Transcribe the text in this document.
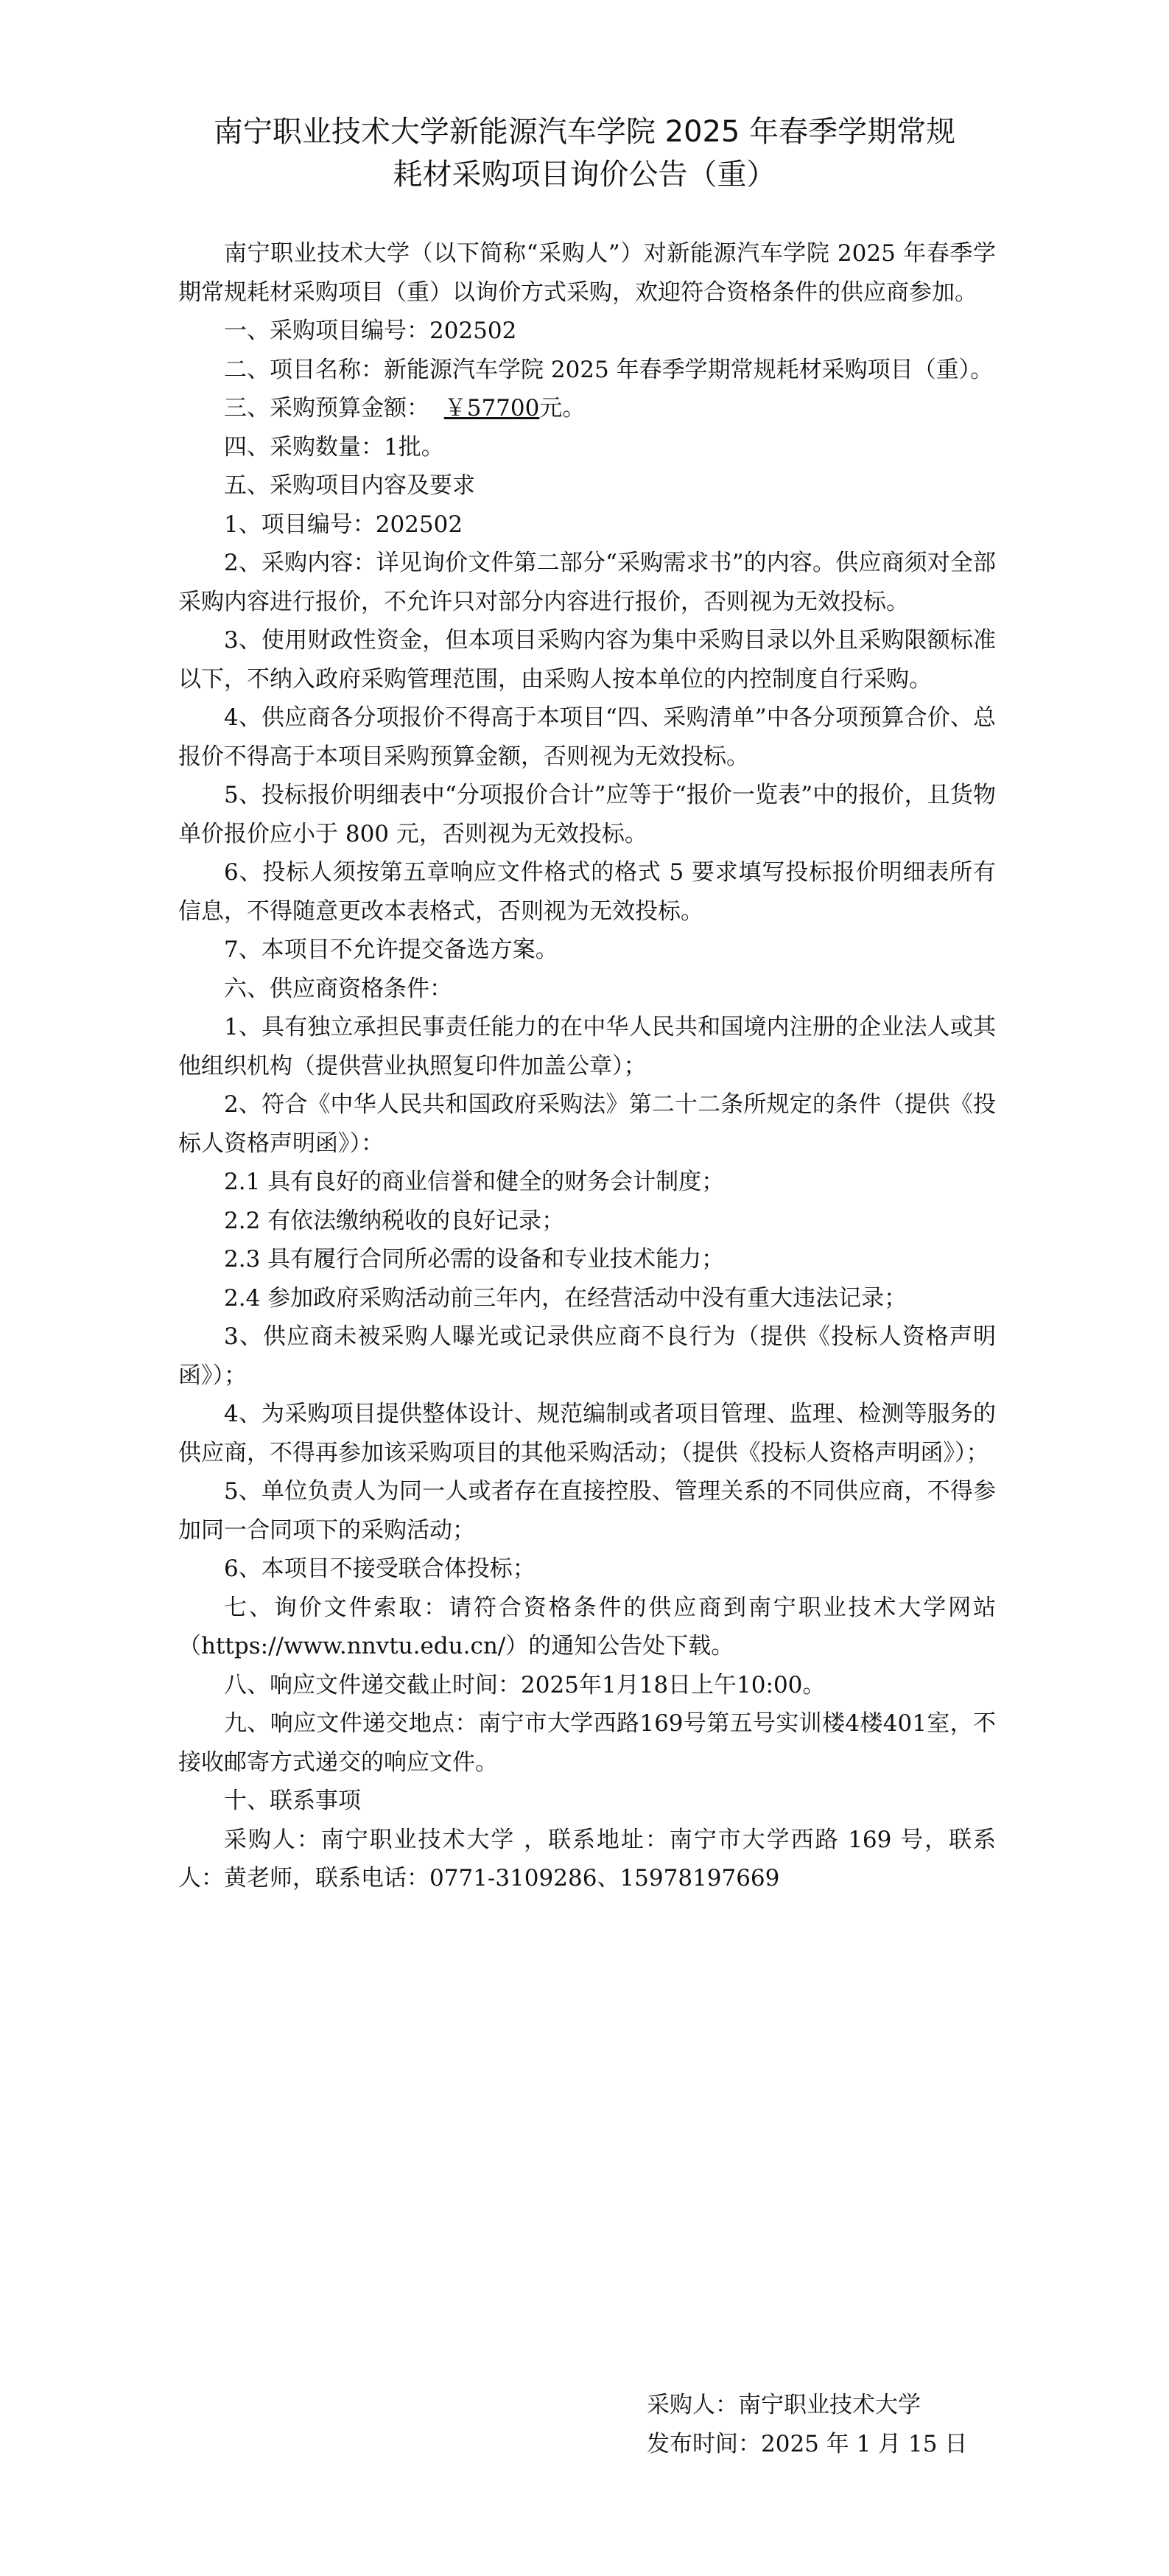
南宁职业技术大学新能源汽车学院 2025 年春季学期常规
耗材采购项目询价公告（重）

南宁职业技术大学（以下简称“采购人”）对新能源汽车学院 2025 年春季学期常规耗材采购项目（重）以询价方式采购，欢迎符合资格条件的供应商参加。

一、采购项目编号：202502

二、项目名称：新能源汽车学院 2025 年春季学期常规耗材采购项目（重）。

三、采购预算金额： ￥57700元。

四、采购数量：1批。

五、采购项目内容及要求

1、项目编号：202502

2、采购内容：详见询价文件第二部分“采购需求书”的内容。供应商须对全部采购内容进行报价，不允许只对部分内容进行报价，否则视为无效投标。

3、使用财政性资金，但本项目采购内容为集中采购目录以外且采购限额标准以下，不纳入政府采购管理范围，由采购人按本单位的内控制度自行采购。

4、供应商各分项报价不得高于本项目“四、采购清单”中各分项预算合价、总报价不得高于本项目采购预算金额，否则视为无效投标。

5、投标报价明细表中“分项报价合计”应等于“报价一览表”中的报价，且货物单价报价应小于 800 元，否则视为无效投标。

6、投标人须按第五章响应文件格式的格式 5 要求填写投标报价明细表所有信息，不得随意更改本表格式，否则视为无效投标。

7、本项目不允许提交备选方案。

六、供应商资格条件：

1、具有独立承担民事责任能力的在中华人民共和国境内注册的企业法人或其他组织机构（提供营业执照复印件加盖公章）；

2、符合《中华人民共和国政府采购法》第二十二条所规定的条件（提供《投标人资格声明函》）：

2.1 具有良好的商业信誉和健全的财务会计制度；

2.2 有依法缴纳税收的良好记录；

2.3 具有履行合同所必需的设备和专业技术能力；

2.4 参加政府采购活动前三年内，在经营活动中没有重大违法记录；

3、供应商未被采购人曝光或记录供应商不良行为（提供《投标人资格声明函》）；

4、为采购项目提供整体设计、规范编制或者项目管理、监理、检测等服务的供应商，不得再参加该采购项目的其他采购活动；（提供《投标人资格声明函》）；

5、单位负责人为同一人或者存在直接控股、管理关系的不同供应商，不得参加同一合同项下的采购活动；

6、本项目不接受联合体投标；

七、询价文件索取：请符合资格条件的供应商到南宁职业技术大学网站（https://www.nnvtu.edu.cn/）的通知公告处下载。

八、响应文件递交截止时间：2025年1月18日上午10:00。

九、响应文件递交地点：南宁市大学西路169号第五号实训楼4楼401室，不接收邮寄方式递交的响应文件。

十、联系事项

采购人：南宁职业技术大学 ，联系地址：南宁市大学西路 169 号，联系人：黄老师，联系电话：0771-3109286、15978197669

采购人：南宁职业技术大学
发布时间：2025 年 1 月 15 日
